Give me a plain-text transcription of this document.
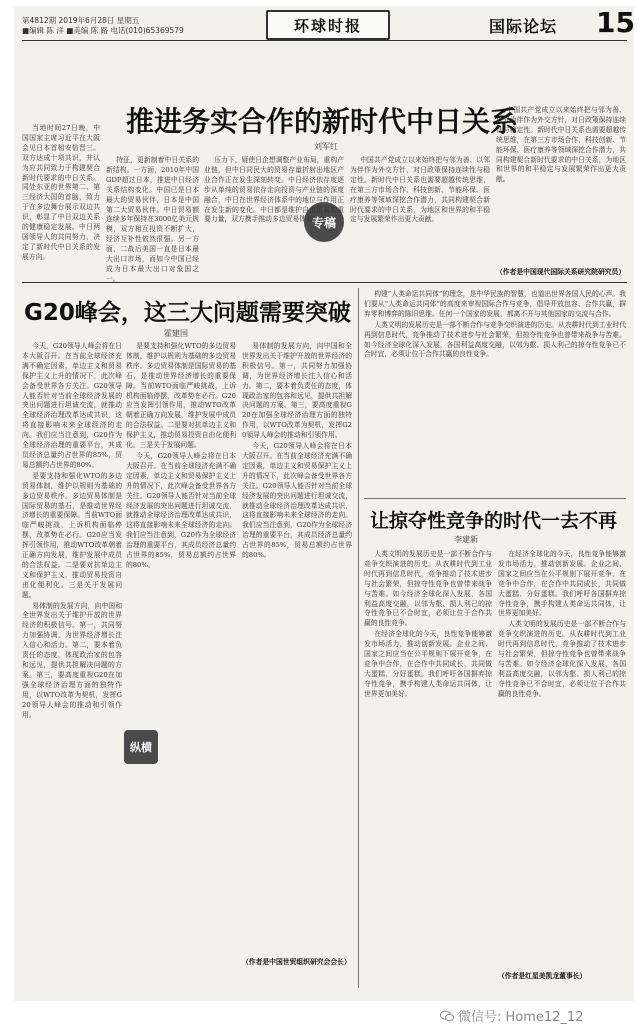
第4812期 2019年6月28日 星期五
■编辑 陈 洋 ■美编 陈 路 电话(010)65369579	环球时报	国际论坛 15
推进务实合作的新时代中日关系
刘军红

当地时间27日晚，中国国家主席习近平在大阪会见日本首相安倍晋三。双方达成十项共识，并认为应共同致力于构建契合新时代要求的中日关系。同处东亚的世界第二、第三经济大国的首脑，致力于在多边舞台展示双边共识，彰显了中日双边关系的健康稳定发展。中日两国领导人的共同努力，决定了新时代中日关系的发展方向。

特征，更新制着中日关系的新结构。一方面，2010年中国GDP超过日本，推进中日经济关系结构变化。中国已是日本最大的贸易伙伴，日本是中国第二大贸易伙伴。中日贸易额连续多年保持在3000亿美元规模，双方相互投资不断扩大，经济互补性依然很强。另一方面，二战后美国一直是日本最大出口市场，而如今中国已经成为日本最大出口对象国之一。

专稿

压力下，疑使日企想调整产业布局，重构产业链，但中日同民大的贸易存量折射出地区产业合作正在发生深刻转变。中日经济依存度逐步从单纯的贸易依存走向投资与产业链的深度融合，中日在世界经济体系中的地位与作用正在发生新的变化。中日都是维护自由贸易的重要力量，双方携手推动多边贸易体制。

中国共产党成立以来始终把与邻为善、以邻为伴作为外交方针，对日政策保持连续性与稳定性。新时代中日关系也需要超越传统思维，在第三方市场合作、科技创新、节能环保、医疗康养等领域深挖合作潜力，共同构建契合新时代要求的中日关系，为地区和世界的和平稳定与发展繁荣作出更大贡献。

中国共产党成立以来始终把与邻为善、以邻为伴作为外交方针，对日政策保持连续性与稳定性。新时代中日关系也需要超越传统思维，在第三方市场合作、科技创新、节能环保、医疗康养等领域深挖合作潜力，共同构建契合新时代要求的中日关系，为地区和世界的和平稳定与发展繁荣作出更大贡献。

（作者是中国现代国际关系研究院研究员）
G20峰会，这三大问题需要突破
霍建国

今天，G20领导人峰会将在日本大阪召开。在当前全球经济充满不确定因素，单边主义和贸易保护主义上升的情况下，此次峰会备受世界各方关注。G20领导人能否针对当前全球经济发展的突出问题进行坦诚交流，就推动全球经济治理改革达成共识，这将直接影响未来全球经济的走向。我们应当注意到，G20作为全球经济治理的重要平台，其成员经济总量约占世界的85%，贸易总额约占世界的80%。

是要支持和强化WTO的多边贸易体制，维护以规则为基础的多边贸易秩序。多边贸易体制是国际贸易的基石，是推动世界经济增长的重要保障。当前WTO面临严峻挑战，上诉机构面临停摆，改革势在必行。G20应当发挥引领作用，推动WTO改革朝着正确方向发展，维护发展中成员的合法权益。二是要对抗单边主义和保护主义，推动贸易投资自由化便利化。三是关于发展问题。

易体制的发展方向，向中国和全世界发出关于维护开放的世界经济的积极信号。第一，共同努力加强协调，为世界经济增长注入信心和活力。第二，要本着负责任的态度，体现政治家的包容和远见，提供共担解决问题的方案。第三，要高度重视G20在加强全球经济治理方面的独特作用，以WTO改革为契机，发挥G20领导人峰会的推动和引领作用。

纵横

是要支持和强化WTO的多边贸易体制，维护以规则为基础的多边贸易秩序。多边贸易体制是国际贸易的基石，是推动世界经济增长的重要保障。当前WTO面临严峻挑战，上诉机构面临停摆，改革势在必行。G20应当发挥引领作用，推动WTO改革朝着正确方向发展，维护发展中成员的合法权益。二是要对抗单边主义和保护主义，推动贸易投资自由化便利化。三是关于发展问题。

今天，G20领导人峰会将在日本大阪召开。在当前全球经济充满不确定因素，单边主义和贸易保护主义上升的情况下，此次峰会备受世界各方关注。G20领导人能否针对当前全球经济发展的突出问题进行坦诚交流，就推动全球经济治理改革达成共识，这将直接影响未来全球经济的走向。我们应当注意到，G20作为全球经济治理的重要平台，其成员经济总量约占世界的85%，贸易总额约占世界的80%。

易体制的发展方向，向中国和全世界发出关于维护开放的世界经济的积极信号。第一，共同努力加强协调，为世界经济增长注入信心和活力。第二，要本着负责任的态度，体现政治家的包容和远见，提供共担解决问题的方案。第三，要高度重视G20在加强全球经济治理方面的独特作用，以WTO改革为契机，发挥G20领导人峰会的推动和引领作用。

今天，G20领导人峰会将在日本大阪召开。在当前全球经济充满不确定因素，单边主义和贸易保护主义上升的情况下，此次峰会备受世界各方关注。G20领导人能否针对当前全球经济发展的突出问题进行坦诚交流，就推动全球经济治理改革达成共识，这将直接影响未来全球经济的走向。我们应当注意到，G20作为全球经济治理的重要平台，其成员经济总量约占世界的85%，贸易总额约占世界的80%。

（作者是中国世贸组织研究会会长）

构建“人类命运共同体”的理念，是中华民族的智慧，也道出世界各国人民的心声。我们要从“人类命运共同体”的高度来审视国际合作与竞争，倡导开放包容、合作共赢，摒弃零和博弈的陈旧思维。任何一个国家的发展，都离不开与其他国家的交流与合作。

人类文明的发展历史是一部不断合作与竞争交织演进的历史。从农耕时代到工业时代再到信息时代，竞争推动了技术进步与社会繁荣，但掠夺性竞争也曾带来战争与苦难。如今经济全球化深入发展，各国利益高度交融，以邻为壑、损人利己的掠夺性竞争已不合时宜，必须让位于合作共赢的良性竞争。

让掠夺性竞争的时代一去不再
李建新

人类文明的发展历史是一部不断合作与竞争交织演进的历史。从农耕时代到工业时代再到信息时代，竞争推动了技术进步与社会繁荣，但掠夺性竞争也曾带来战争与苦难。如今经济全球化深入发展，各国利益高度交融，以邻为壑、损人利己的掠夺性竞争已不合时宜，必须让位于合作共赢的良性竞争。

在经济全球化的今天，良性竞争能够激发市场活力，推动创新发展。企业之间、国家之间应当在公平规则下展开竞争，在竞争中合作，在合作中共同成长，共同做大蛋糕、分好蛋糕。我们呼吁各国摒弃掠夺性竞争，携手构建人类命运共同体，让世界更加美好。

在经济全球化的今天，良性竞争能够激发市场活力，推动创新发展。企业之间、国家之间应当在公平规则下展开竞争，在竞争中合作，在合作中共同成长，共同做大蛋糕、分好蛋糕。我们呼吁各国摒弃掠夺性竞争，携手构建人类命运共同体，让世界更加美好。

人类文明的发展历史是一部不断合作与竞争交织演进的历史。从农耕时代到工业时代再到信息时代，竞争推动了技术进步与社会繁荣，但掠夺性竞争也曾带来战争与苦难。如今经济全球化深入发展，各国利益高度交融，以邻为壑、损人利己的掠夺性竞争已不合时宜，必须让位于合作共赢的良性竞争。

（作者是红星美凯龙董事长）
微信号: Home12_12
